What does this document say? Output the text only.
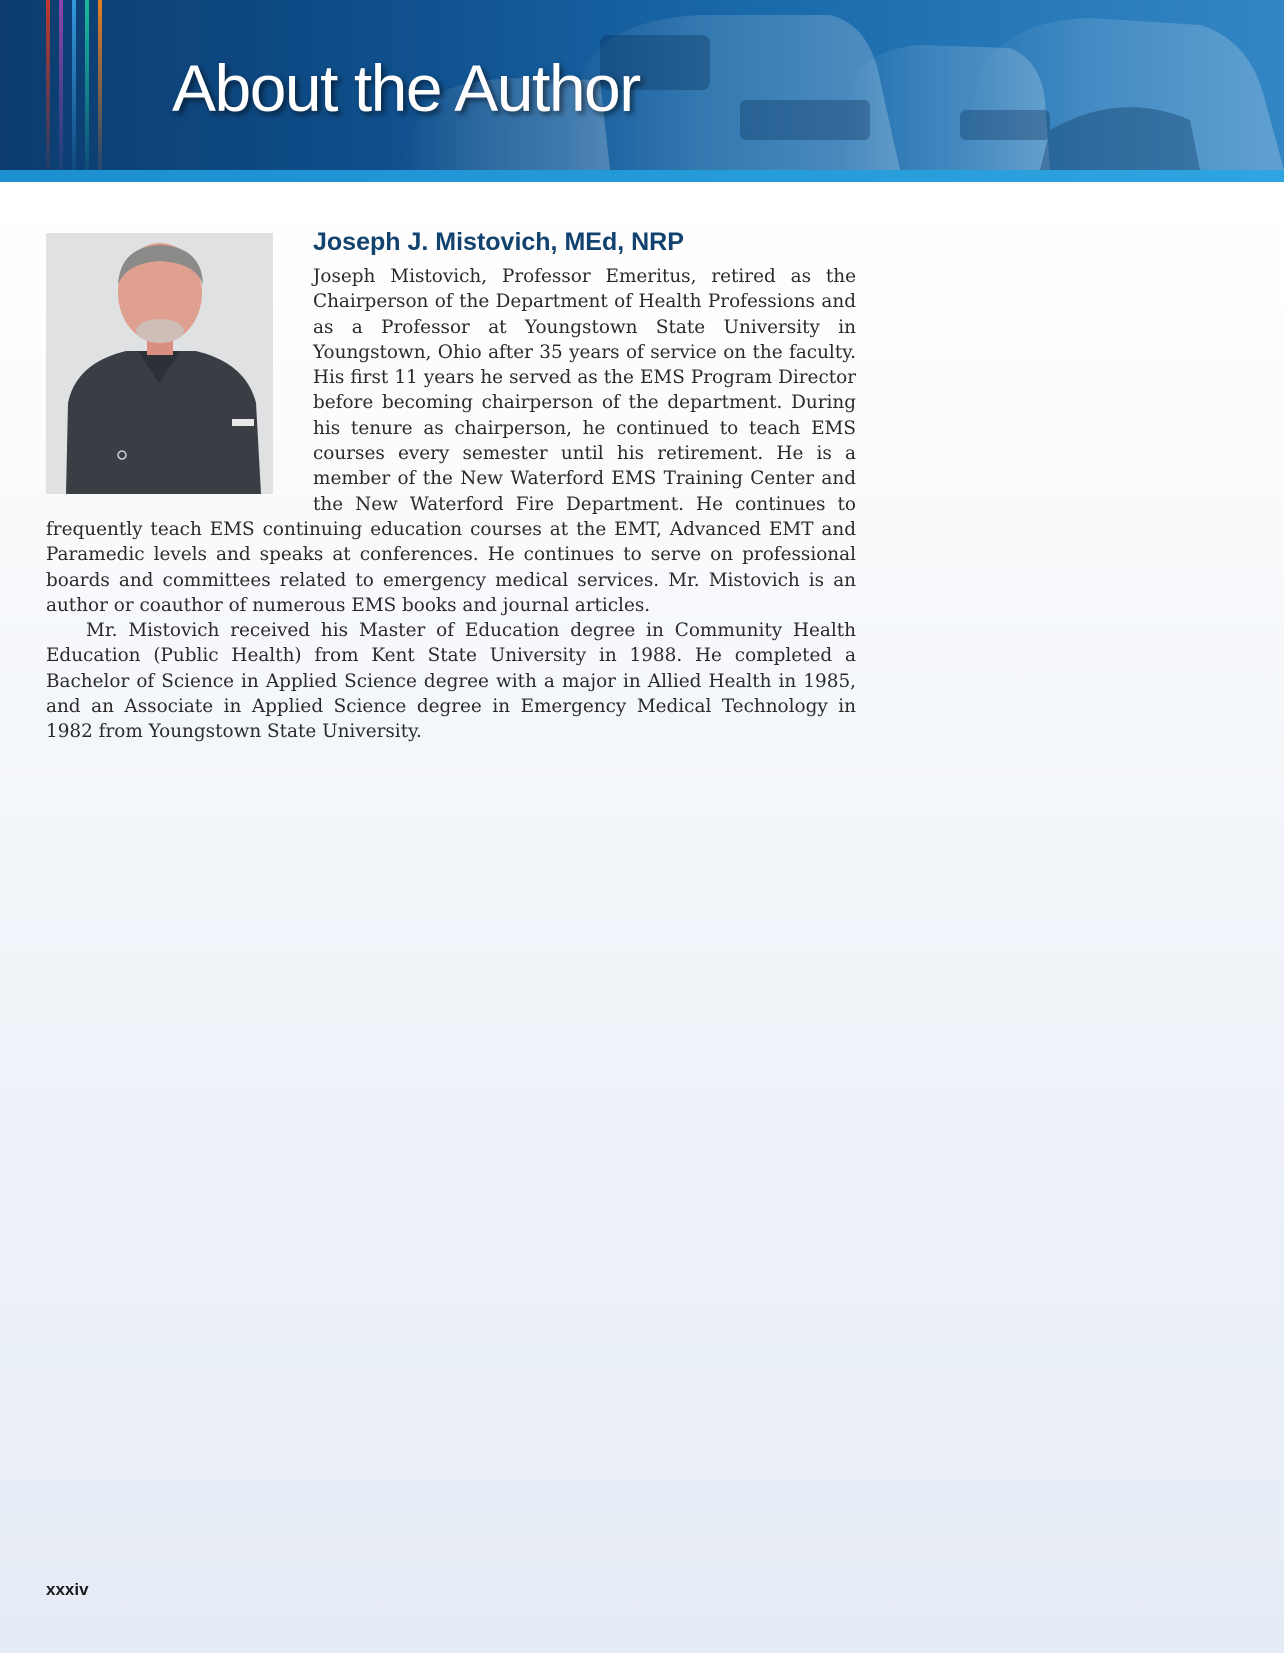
About the Author
Joseph J. Mistovich, MEd, NRP

Joseph Mistovich, Professor Emeritus, retired as the Chairperson of the Department of Health Professions and as a Professor at Youngstown State University in Youngstown, Ohio after 35 years of service on the faculty. His first 11 years he served as the EMS Program Director before becoming chairperson of the department. During his tenure as chairperson, he continued to teach EMS courses every semester until his retirement. He is a member of the New Waterford EMS Training Center and the New Waterford Fire Department. He continues to frequently teach EMS continuing education courses at the EMT, Advanced EMT and Paramedic levels and speaks at conferences. He continues to serve on professional boards and committees related to emergency medical services. Mr. Mistovich is an author or coauthor of numerous EMS books and journal articles.

Mr. Mistovich received his Master of Education degree in Community Health Education (Public Health) from Kent State University in 1988. He completed a Bachelor of Science in Applied Science degree with a major in Allied Health in 1985, and an Associate in Applied Science degree in Emergency Medical Technology in 1982 from Youngstown State University.

xxxiv
